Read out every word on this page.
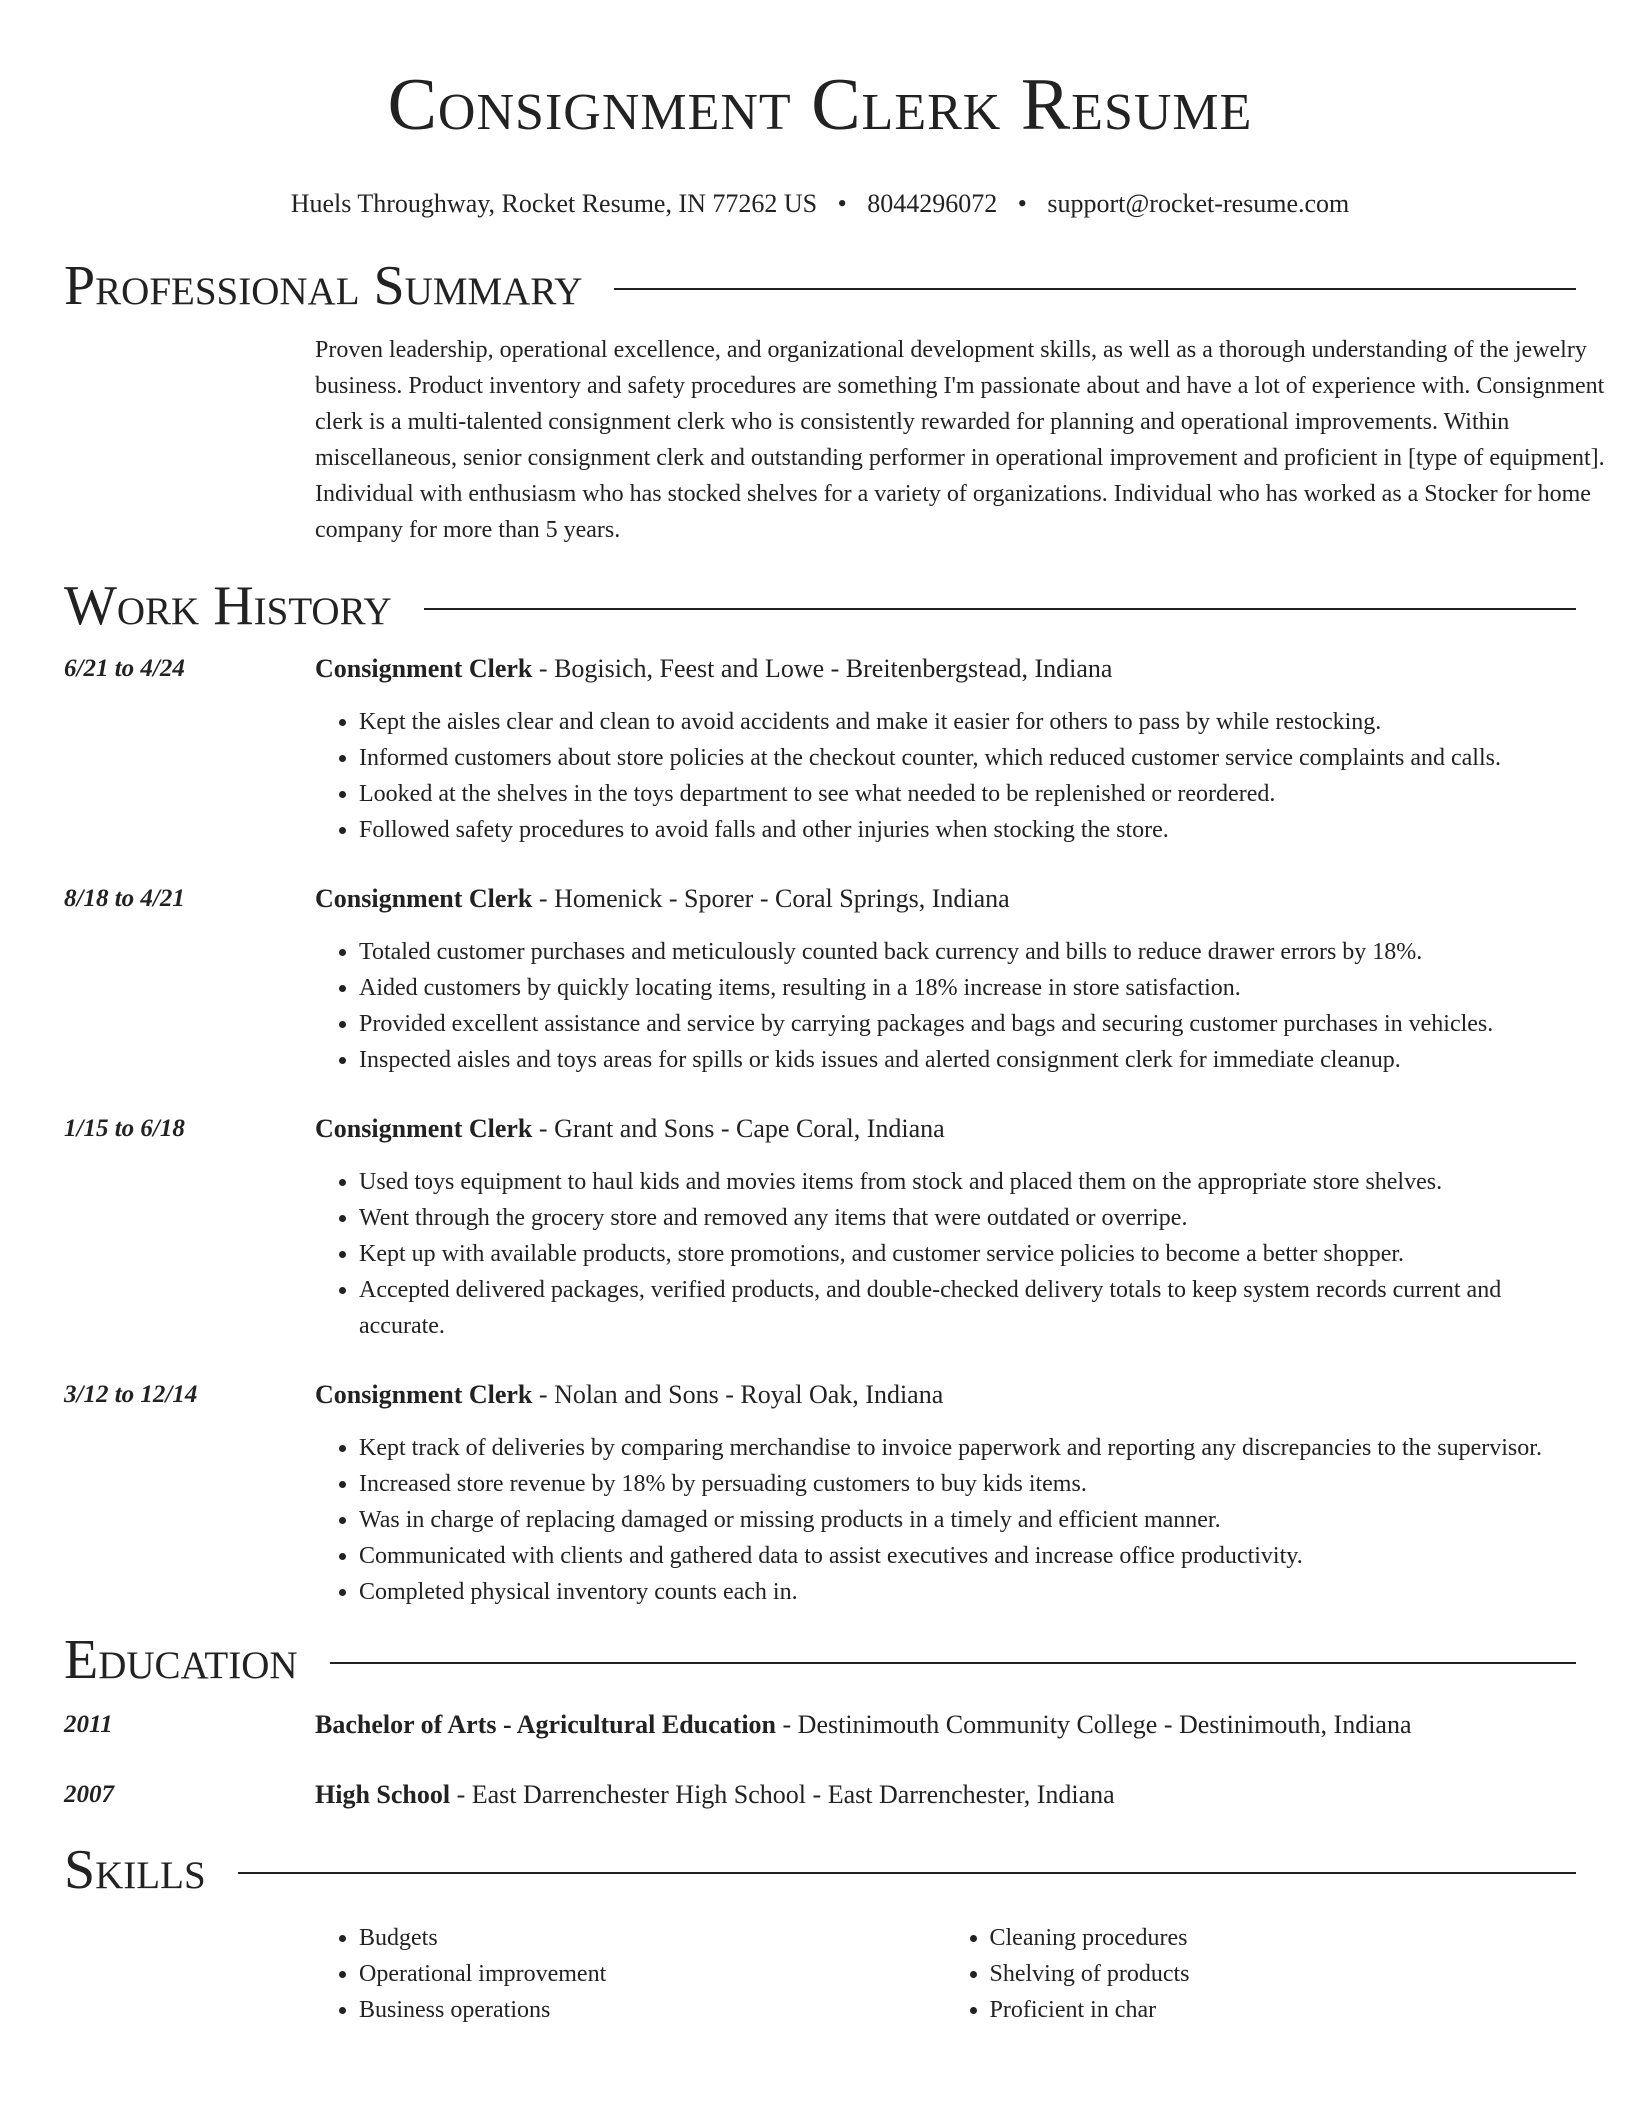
Consignment Clerk Resume
Huels Throughway, Rocket Resume, IN 77262 US • 8044296072 • support@rocket-resume.com
Professional Summary
Proven leadership, operational excellence, and organizational development skills, as well as a thorough understanding of the jewelry business. Product inventory and safety procedures are something I'm passionate about and have a lot of experience with. Consignment clerk is a multi-talented consignment clerk who is consistently rewarded for planning and operational improvements. Within miscellaneous, senior consignment clerk and outstanding performer in operational improvement and proficient in [type of equipment]. Individual with enthusiasm who has stocked shelves for a variety of organizations. Individual who has worked as a Stocker for home company for more than 5 years.
Work History
6/21 to 4/24	Consignment Clerk - Bogisich, Feest and Lowe - Breitenbergstead, Indiana
• Kept the aisles clear and clean to avoid accidents and make it easier for others to pass by while restocking.
• Informed customers about store policies at the checkout counter, which reduced customer service complaints and calls.
• Looked at the shelves in the toys department to see what needed to be replenished or reordered.
• Followed safety procedures to avoid falls and other injuries when stocking the store.
8/18 to 4/21	Consignment Clerk - Homenick - Sporer - Coral Springs, Indiana
• Totaled customer purchases and meticulously counted back currency and bills to reduce drawer errors by 18%.
• Aided customers by quickly locating items, resulting in a 18% increase in store satisfaction.
• Provided excellent assistance and service by carrying packages and bags and securing customer purchases in vehicles.
• Inspected aisles and toys areas for spills or kids issues and alerted consignment clerk for immediate cleanup.
1/15 to 6/18	Consignment Clerk - Grant and Sons - Cape Coral, Indiana
• Used toys equipment to haul kids and movies items from stock and placed them on the appropriate store shelves.
• Went through the grocery store and removed any items that were outdated or overripe.
• Kept up with available products, store promotions, and customer service policies to become a better shopper.
• Accepted delivered packages, verified products, and double-checked delivery totals to keep system records current and accurate.
3/12 to 12/14	Consignment Clerk - Nolan and Sons - Royal Oak, Indiana
• Kept track of deliveries by comparing merchandise to invoice paperwork and reporting any discrepancies to the supervisor.
• Increased store revenue by 18% by persuading customers to buy kids items.
• Was in charge of replacing damaged or missing products in a timely and efficient manner.
• Communicated with clients and gathered data to assist executives and increase office productivity.
• Completed physical inventory counts each in.
Education
2011	Bachelor of Arts - Agricultural Education - Destinimouth Community College - Destinimouth, Indiana
2007	High School - East Darrenchester High School - East Darrenchester, Indiana
Skills
• Budgets
• Operational improvement
• Business operations
• Cleaning procedures
• Shelving of products
• Proficient in char
